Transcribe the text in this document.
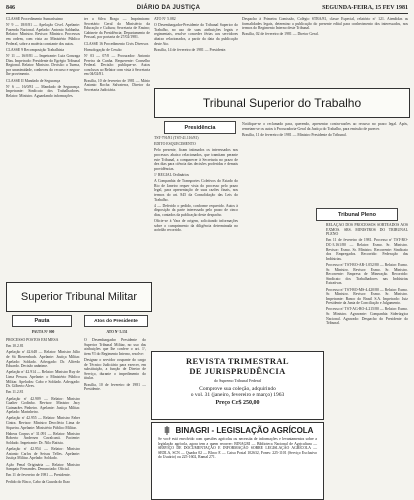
846	DIÁRIO DA JUSTIÇA	SEGUNDA-FEIRA, 15 FEV 1981

CLASSE Procedimento Sumaríssimo

Nº 9 — 18/0/81 — Apelação Cível. Apelante: Fazenda Nacional. Apelado: Antonio Saldanha. Relator: Ministro. Revisor: Ministro. Processos em ordem, com vista ao Ministério Público Federal, sobre a matéria constante dos autos.

CLASSE 9 Recomposição Trabalhista

Nº 11 — 16/0/81 — Impetrante: Luiz Gonzaga Dias. Impetrado: Presidente do Egrégio Tribunal Regional. Relator: Ministro. Decisão: a Turma, por unanimidade, conheceu do recurso e negou-lhe provimento.

CLASSE II Mandado de Segurança

Nº 6 — 16/0/81 — Mandado de Segurança. Impetrante: Sindicato dos Trabalhadores. Relator: Ministro. Aguardando informações.

ter a Silva Braga — Imprimiram: Secretário Geral do Ministério da Educação e Cultura; Secretaria de Ensino; Gabinete da Presidência; Departamento de Pessoal, por portaria de 27/02/1981.

CLASSE 16 Procedimento Civis Diversos

Homologação de Cessão

Nº 03 — 07/0 — Procurador: Antonio Pereira da Cunha. Requerente: Conselho Federal. Decisão: publique-se. Autos conclusos ao Relator com vista à Secretaria em 04/02/81.

Brasília, 10 de fevereiro de 1981 — Mário Antonio Rocha Salvaterra, Diretor da Secretaria Judiciária.

ATO Nº 5.082

O Desembargador-Presidente do Tribunal Superior do Trabalho, no uso de suas atribuições legais e regimentais, resolve conceder férias aos servidores abaixo relacionados, a partir da data da publicação deste Ato.

Brasília, 14 de fevereiro de 1981 — Presidente.

Despacho à Primeira Comissão, Colégio STRA/81, classe Especial, relatório nº 121. Atendidas as formalidades legais, determino a publicação do presente edital para conhecimento dos interessados, nos termos do Regimento Interno deste Tribunal.

Brasília, 02 de fevereiro de 1981 — Diretor Geral.

Tribunal Superior do Trabalho
Presidência

TST-791/81 (TST-41.116/81)

EDITO ESQUECIMENTO

Pelo presente, ficam intimados os interessados nos processos abaixo relacionados, que tramitam perante este Tribunal, a comparecer à Secretaria no prazo de dez dias para ciência das decisões proferidas e demais providências.

1º REGIAL Ordinários

A Companhia de Transportes Coletivos do Estado do Rio de Janeiro requer vista do processo pelo prazo legal, para apresentação de suas razões finais, nos termos do art. 845 da Consolidação das Leis do Trabalho.

4 — Deferido o pedido, conforme requerido. Autos à disposição da parte interessada pelo prazo de cinco dias, contados da publicação deste despacho.

Oficie-se à Vara de origem, solicitando informações sobre o cumprimento da diligência determinada no acórdão recorrido.

Notifique-se o reclamado para, querendo, apresentar contra-razões ao recurso no prazo legal. Após, remetam-se os autos à Procuradoria-Geral da Justiça do Trabalho, para emissão de parecer.

Brasília, 11 de fevereiro de 1981 — Ministro Presidente do Tribunal.

Tribunal Pleno

RELAÇÃO DOS PROCESSOS SORTEADOS AOS EXMOS. SRS. MINISTROS DO TRIBUNAL PLENO

Em 11 de fevereiro de 1981. Processo nº TST-RO-DC-3.161/80 — Relator: Exmo. Sr. Ministro. Revisor: Exmo. Sr. Ministro. Recorrente: Sindicato dos Empregados. Recorrido: Federação das Indústrias.

Processo nº TST-RO-AR-1.052/80 — Relator: Exmo. Sr. Ministro. Revisor: Exmo. Sr. Ministro. Recorrente: Empresa de Mineração. Recorrido: Sindicato dos Trabalhadores nas Indústrias Extrativas.

Processo nº TST-RO-MS-4.420/80 — Relator: Exmo. Sr. Ministro. Revisor: Exmo. Sr. Ministro. Impetrante: Banco do Brasil S.A. Impetrado: Juiz Presidente da Junta de Conciliação e Julgamento.

Processo nº TST-AG-RO-4.215/80 — Relator: Exmo. Sr. Ministro. Agravante: Companhia Siderúrgica Nacional. Agravado: Despacho do Presidente do Tribunal.

Superior Tribunal Militar
Pauta	Atos do Presidente
PAUTA Nº 000	ATO Nº 5.151

PROCESSO POSTOS EM MESA

Em 10.2.81

Apelação nº 42.648 — Relator: Ministro Júlio de Sá Bierrenbach. Apelante: Justiça Militar. Apelado: Soldado. Advogado: Dr. Alfredo Eduardo. Decisão unânime.

Apelação nº 42.914 — Relator: Ministro Ruy de Lima Pessoa. Apelante: o Ministério Público Militar. Apelados: Cabo e Soldado. Advogado: Dr. Gilberto Alves.

Em 11.2.81

Apelação nº 42.909 — Relator: Ministro Gualter Godinho. Revisor: Ministro Jacy Guimarães Pinheiro. Apelante: Justiça Militar. Apelado: Marinheiro.

Apelação nº 42.955 — Relator: Ministro Faber Cintra. Revisor: Ministro Deoclécio Lima de Siqueira. Apelante: Ministério Público Militar.

Habeas Corpus nº 31.091 — Relator: Ministro Roberto Andersen Cavalcanti. Paciente: Soldado. Impetrante: Dr. Nilo Batista.

Apelação nº 42.954 — Relator: Ministro Antonio Carlos de Seixas Telles. Apelante: Justiça Militar. Apelado: Soldado.

Ação Penal Originária — Relator: Ministro Sampaio Fernandes. Denunciado: Oficial.

Em 11 de fevereiro de 1981 — Presidente.

Pedido do Bisco, Cabo da Guarda do Ibao

O Desembargador Presidente do Superior Tribunal Militar, no uso das atribuições que lhe confere o art. 1º, item VI do Regimento Interno, resolve:

Designar o servidor ocupante do cargo de Técnico Judiciário para exercer, em substituição, a função de Diretor de Serviço, durante o impedimento do titular.

Brasília, 10 de fevereiro de 1981 — Presidente.

REVISTA TRIMESTRAL
DE JURISPRUDÊNCIA
do Supremo Tribunal Federal
Comprove sua coleção, adquirindo
o vol. 31 (janeiro, fevereiro e março) 1963
Preço Cr$ 250,00
BINAGRI - LEGISLAÇÃO AGRÍCOLA
Se você está envolvido com questões agrícolas ou necessita de informações e levantamentos sobre a legislação agrícola, agora tem a quem recorrer: BINAGRI — Biblioteca Nacional de Agricultura — SERVIÇO DE DOCUMENTAÇÃO E INFORMAÇÃO SOBRE LEGISLAÇÃO AGRÍCOLA — SEDLA, SCN — Quadra 02 — Bloco E — Caixa Postal 102632, Fones: 225-1101 (Serviço Exclusivo do Usuário) ou 225-1602, Ramal 271.
